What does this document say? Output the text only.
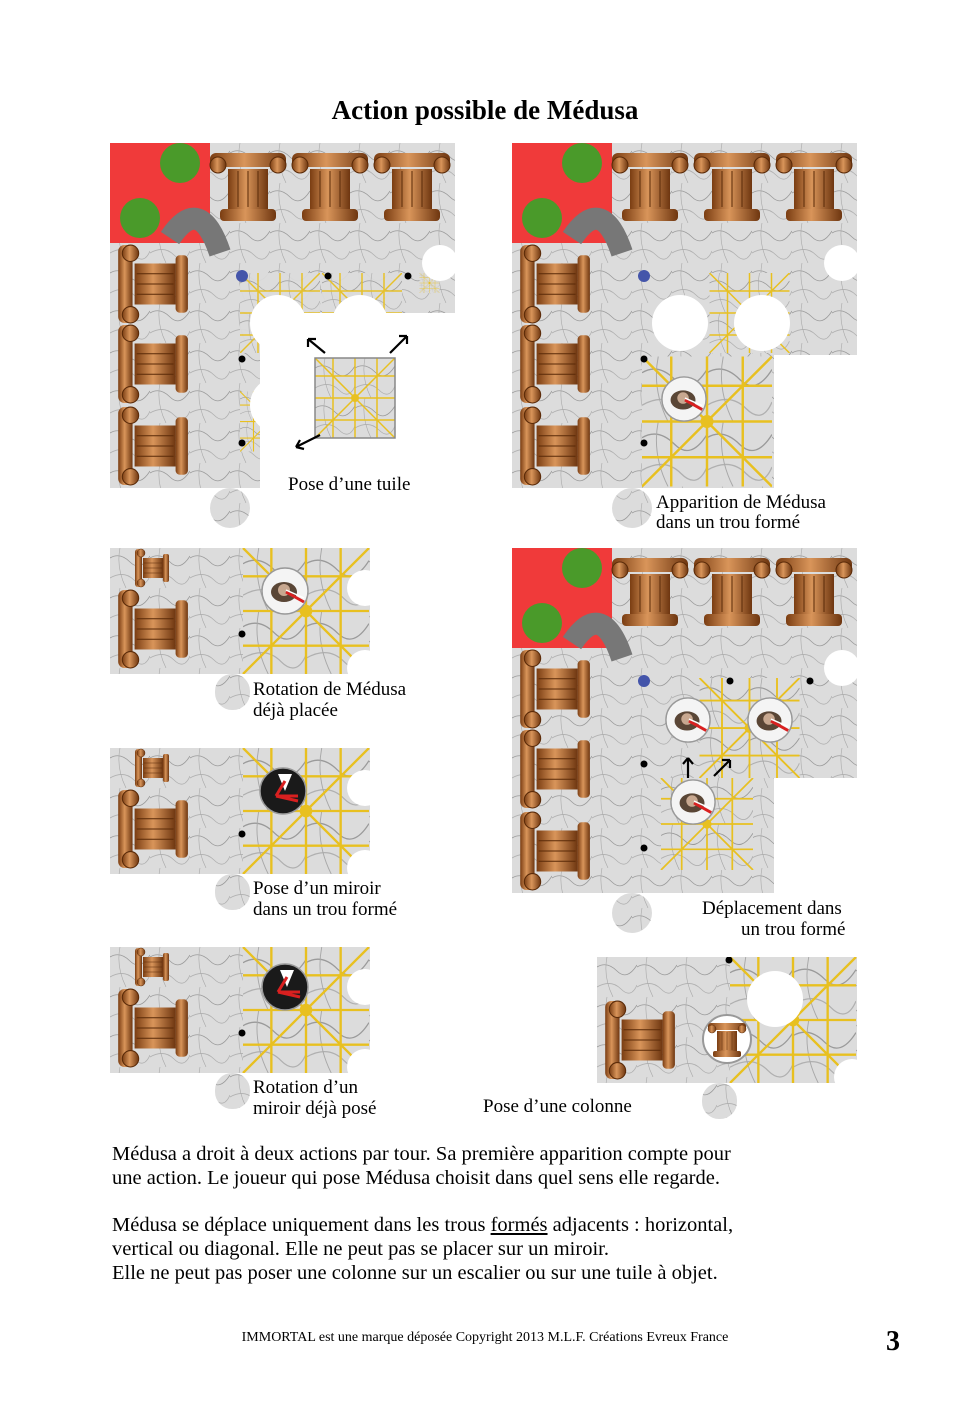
Action possible de Médusa
Pose d’une tuile
Apparition de Médusa
dans un trou formé
Rotation de Médusa
déjà placée
Pose d’un miroir
dans un trou formé
Rotation d’un
miroir déjà posé
Déplacement dans
un trou formé
Pose d’une colonne
Médusa a droit à deux actions par tour. Sa première apparition compte pour
une action. Le joueur qui pose Médusa choisit dans quel sens elle regarde.
Médusa se déplace uniquement dans les trous formés adjacents : horizontal,
vertical ou diagonal. Elle ne peut pas se placer sur un miroir.
Elle ne peut pas poser une colonne sur un escalier ou sur une tuile à objet.
IMMORTAL est une marque déposée Copyright 2013 M.L.F. Créations Evreux France	3
